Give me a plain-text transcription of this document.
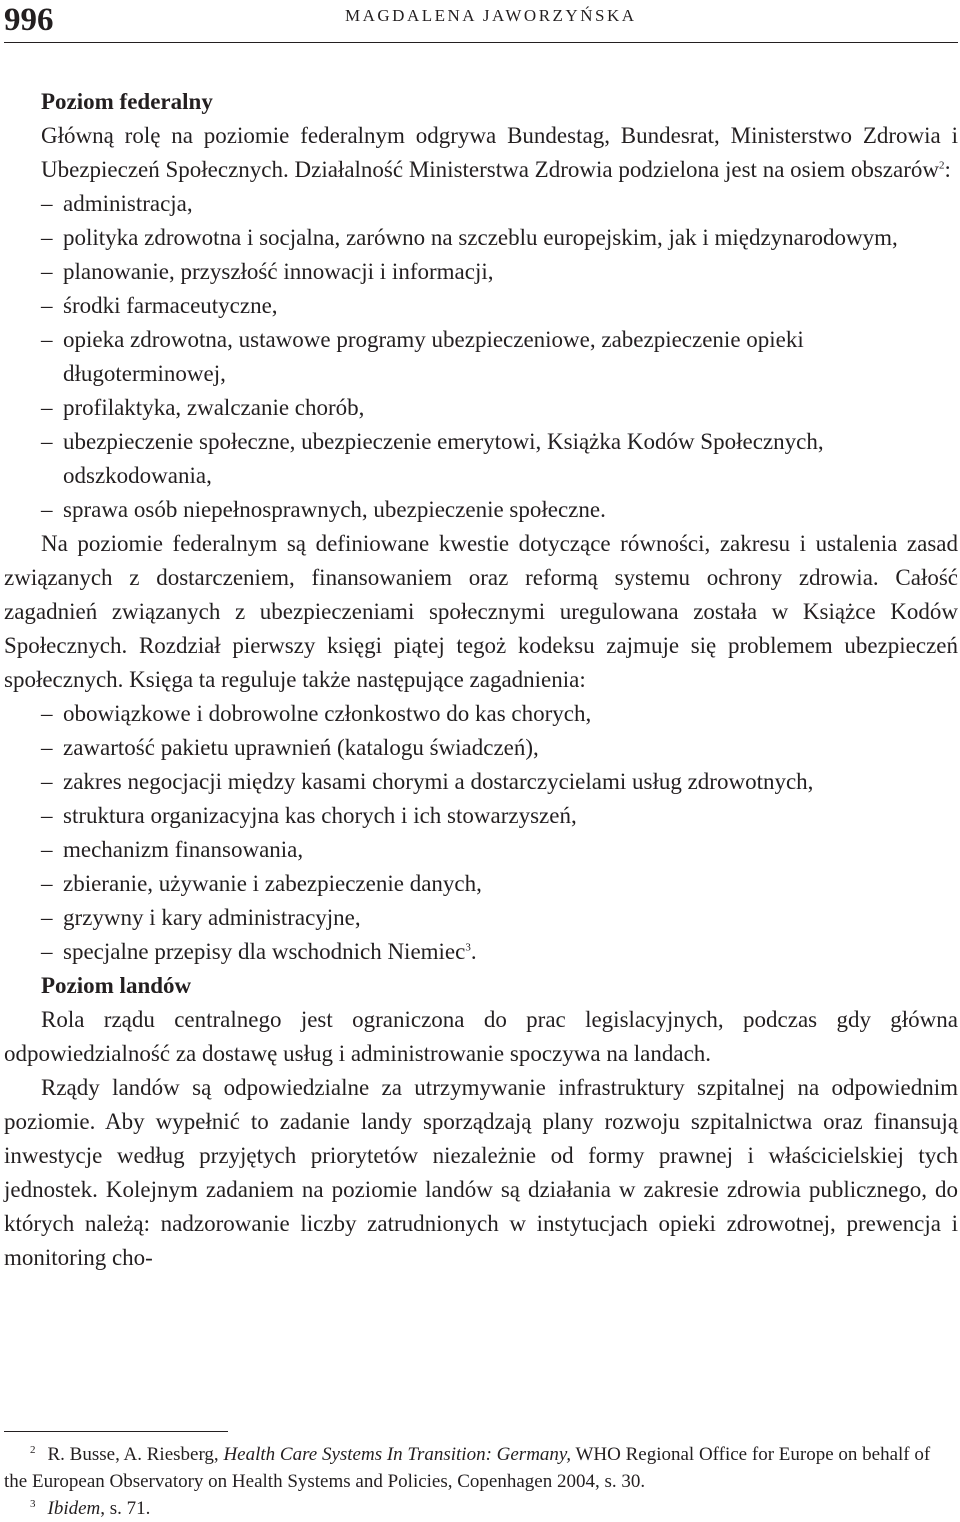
996	MAGDALENA JAWORZYŃSKA

Poziom federalny

Główną rolę na poziomie federalnym odgrywa Bundestag, Bundesrat, Ministerstwo Zdrowia i Ubezpieczeń Społecznych. Działalność Ministerstwa Zdrowia podzielona jest na osiem obszarów$^2$:

– administracja,
– polityka zdrowotna i socjalna, zarówno na szczeblu europejskim, jak i międzynarodowym,
– planowanie, przyszłość innowacji i informacji,
– środki farmaceutyczne,
– opieka zdrowotna, ustawowe programy ubezpieczeniowe, zabezpieczenie opieki długoterminowej,
– profilaktyka, zwalczanie chorób,
– ubezpieczenie społeczne, ubezpieczenie emerytowi, Książka Kodów Społecznych, odszkodowania,
– sprawa osób niepełnosprawnych, ubezpieczenie społeczne.

Na poziomie federalnym są definiowane kwestie dotyczące równości, zakresu i ustalenia zasad związanych z dostarczeniem, finansowaniem oraz reformą systemu ochrony zdrowia. Całość zagadnień związanych z ubezpieczeniami społecznymi uregulowana została w Książce Kodów Społecznych. Rozdział pierwszy księgi piątej tegoż kodeksu zajmuje się problemem ubezpieczeń społecznych. Księga ta reguluje także następujące zagadnienia:

– obowiązkowe i dobrowolne członkostwo do kas chorych,
– zawartość pakietu uprawnień (katalogu świadczeń),
– zakres negocjacji między kasami chorymi a dostarczycielami usług zdrowotnych,
– struktura organizacyjna kas chorych i ich stowarzyszeń,
– mechanizm finansowania,
– zbieranie, używanie i zabezpieczenie danych,
– grzywny i kary administracyjne,
– specjalne przepisy dla wschodnich Niemiec$^3$.

Poziom landów

Rola rządu centralnego jest ograniczona do prac legislacyjnych, podczas gdy główna odpowiedzialność za dostawę usług i administrowanie spoczywa na landach.

Rządy landów są odpowiedzialne za utrzymywanie infrastruktury szpitalnej na odpowiednim poziomie. Aby wypełnić to zadanie landy sporządzają plany rozwoju szpitalnictwa oraz finansują inwestycje według przyjętych priorytetów niezależnie od formy prawnej i właścicielskiej tych jednostek. Kolejnym zadaniem na poziomie landów są działania w zakresie zdrowia publicznego, do których należą: nadzorowanie liczby zatrudnionych w instytucjach opieki zdrowotnej, prewencja i monitoring cho-

$^2$ R. Busse, A. Riesberg, Health Care Systems In Transition: Germany, WHO Regional Office for Europe on behalf of the European Observatory on Health Systems and Policies, Copenhagen 2004, s. 30.

$^3$ Ibidem, s. 71.
